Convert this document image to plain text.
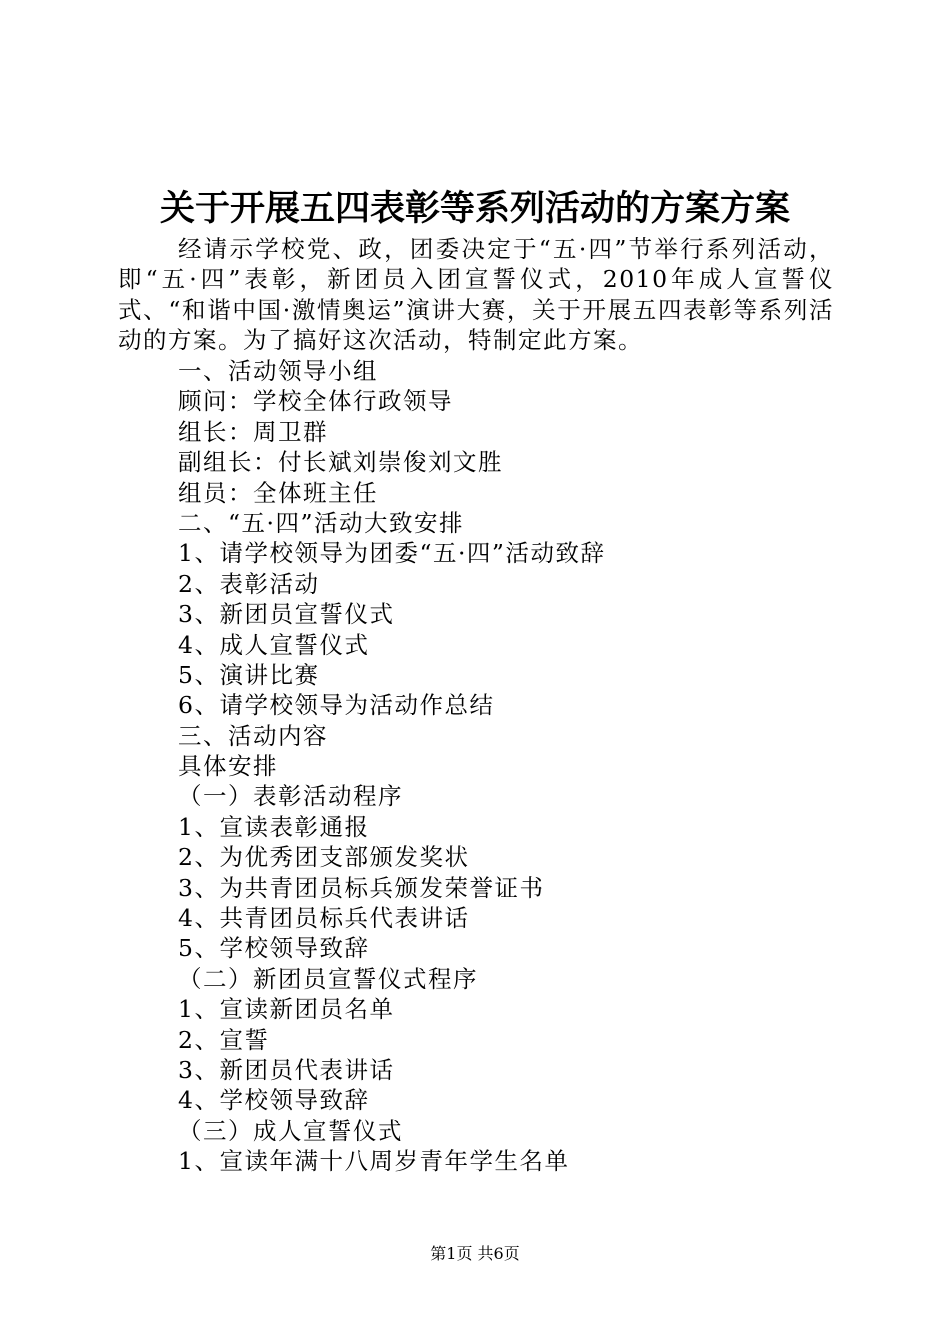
关于开展五四表彰等系列活动的方案方案

经请示学校党、政，团委决定于“五·四”节举行系列活动，即“五·四”表彰，新团员入团宣誓仪式，2010年成人宣誓仪式、“和谐中国·激情奥运”演讲大赛，关于开展五四表彰等系列活动的方案。为了搞好这次活动，特制定此方案。

一、活动领导小组
顾问：学校全体行政领导
组长：周卫群
副组长：付长斌刘崇俊刘文胜
组员：全体班主任
二、“五·四”活动大致安排
1、请学校领导为团委“五·四”活动致辞
2、表彰活动
3、新团员宣誓仪式
4、成人宣誓仪式
5、演讲比赛
6、请学校领导为活动作总结
三、活动内容
具体安排
（一）表彰活动程序
1、宣读表彰通报
2、为优秀团支部颁发奖状
3、为共青团员标兵颁发荣誉证书
4、共青团员标兵代表讲话
5、学校领导致辞
（二）新团员宣誓仪式程序
1、宣读新团员名单
2、宣誓
3、新团员代表讲话
4、学校领导致辞
（三）成人宣誓仪式
1、宣读年满十八周岁青年学生名单
第1页 共6页
